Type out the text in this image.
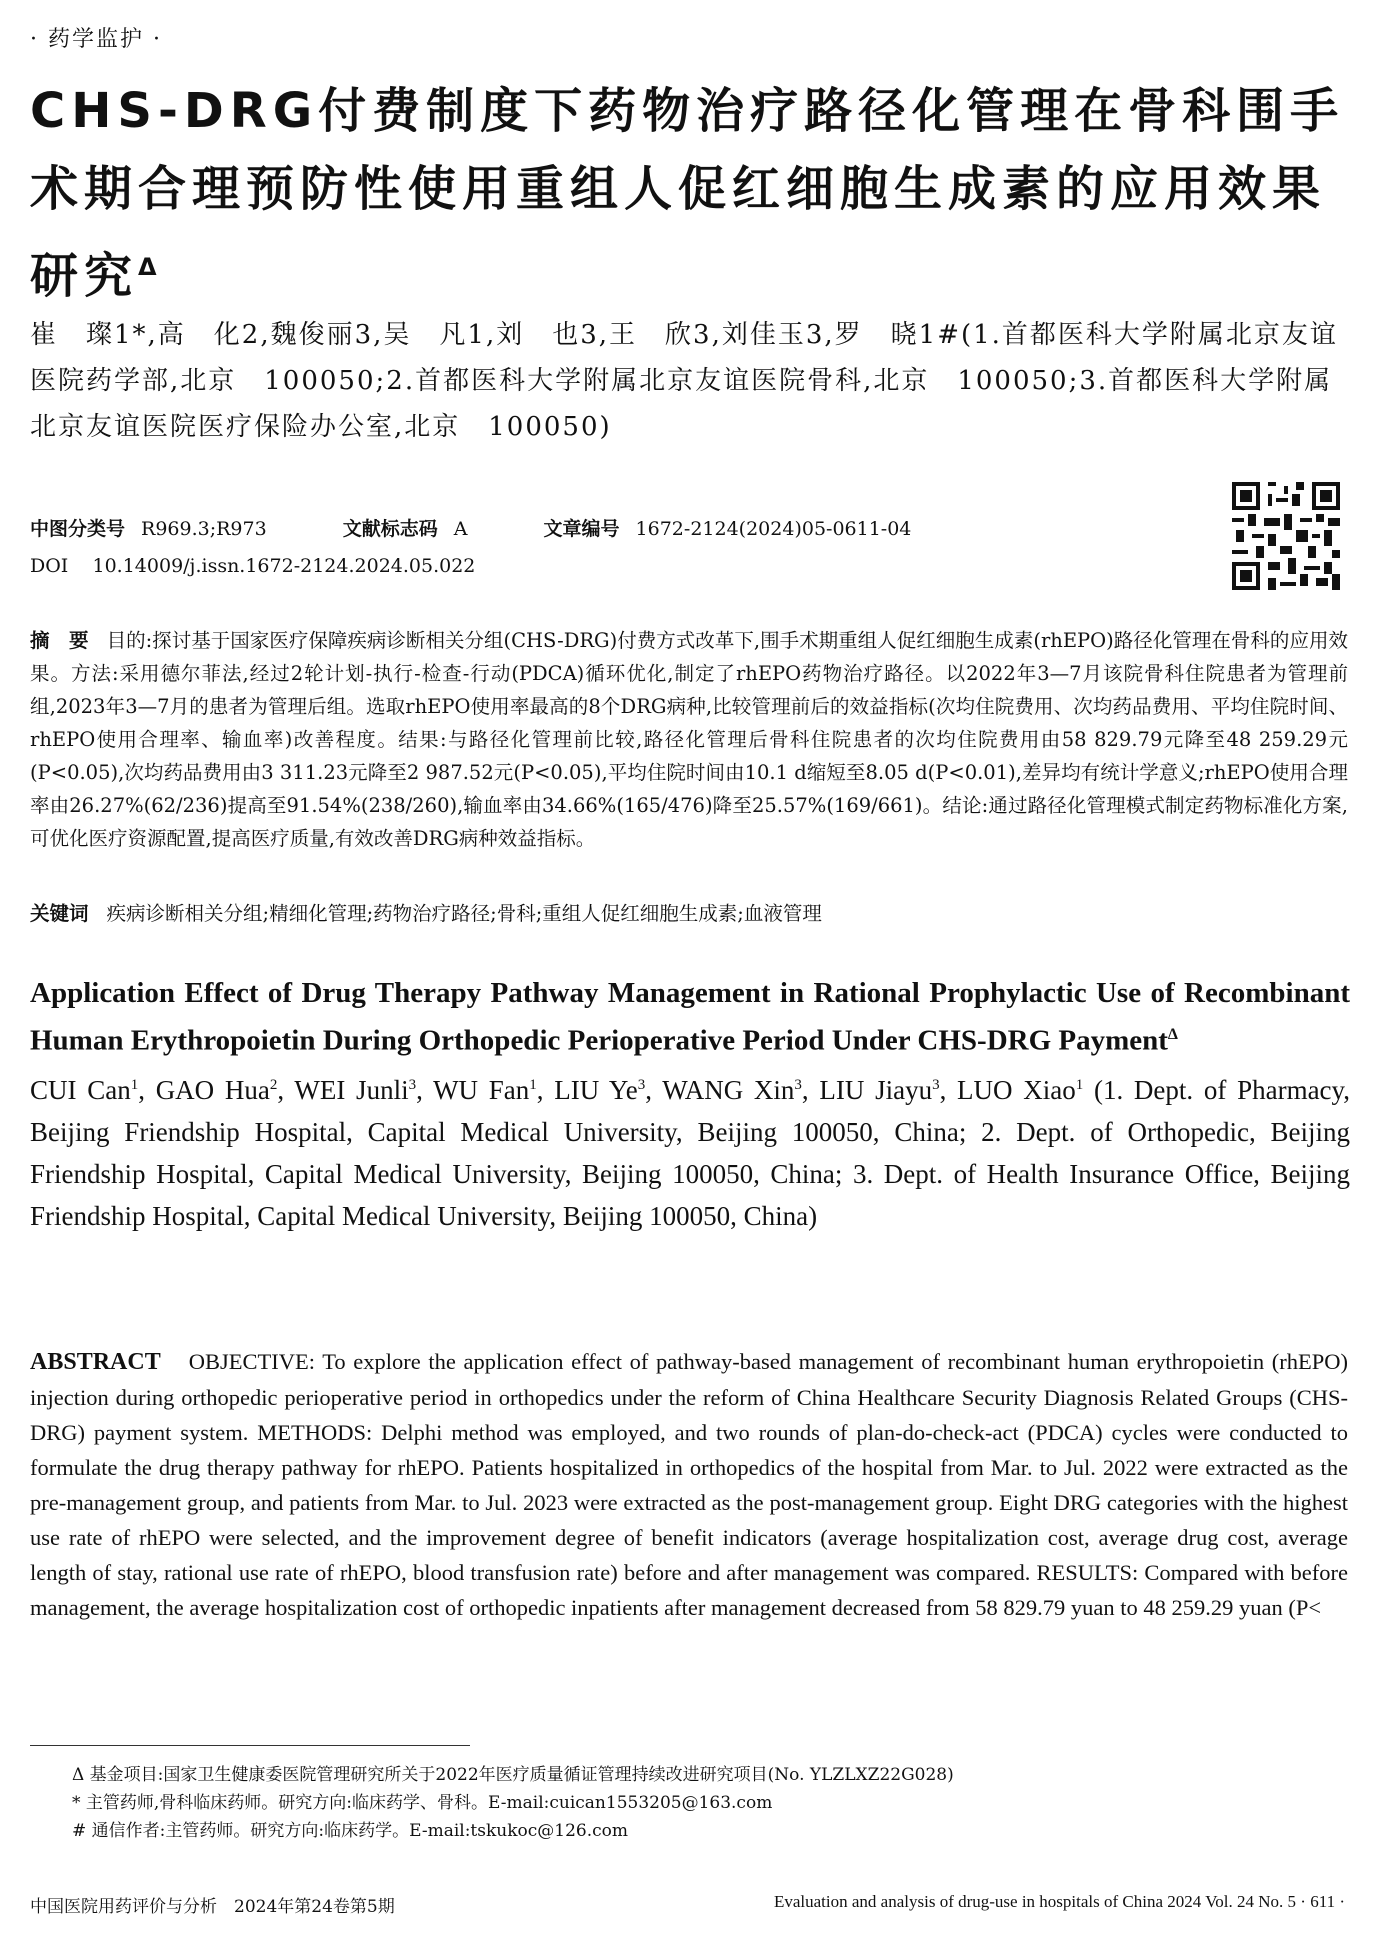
· 药学监护 ·
CHS-DRG付费制度下药物治疗路径化管理在骨科围手术期合理预防性使用重组人促红细胞生成素的应用效果研究$^\Delta$
崔　璨1*,高　化2,魏俊丽3,吴　凡1,刘　也3,王　欣3,刘佳玉3,罗　晓1#(1.首都医科大学附属北京友谊医院药学部,北京　100050;2.首都医科大学附属北京友谊医院骨科,北京　100050;3.首都医科大学附属北京友谊医院医疗保险办公室,北京　100050)
中图分类号 R969.3;R973	文献标志码 A	文章编号 1672-2124(2024)05-0611-04
DOI 10.14009/j.issn.1672-2124.2024.05.022
摘　要 目的:探讨基于国家医疗保障疾病诊断相关分组(CHS-DRG)付费方式改革下,围手术期重组人促红细胞生成素(rhEPO)路径化管理在骨科的应用效果。方法:采用德尔菲法,经过2轮计划-执行-检查-行动(PDCA)循环优化,制定了rhEPO药物治疗路径。以2022年3—7月该院骨科住院患者为管理前组,2023年3—7月的患者为管理后组。选取rhEPO使用率最高的8个DRG病种,比较管理前后的效益指标(次均住院费用、次均药品费用、平均住院时间、rhEPO使用合理率、输血率)改善程度。结果:与路径化管理前比较,路径化管理后骨科住院患者的次均住院费用由58 829.79元降至48 259.29元(P<0.05),次均药品费用由3 311.23元降至2 987.52元(P<0.05),平均住院时间由10.1 d缩短至8.05 d(P<0.01),差异均有统计学意义;rhEPO使用合理率由26.27%(62/236)提高至91.54%(238/260),输血率由34.66%(165/476)降至25.57%(169/661)。结论:通过路径化管理模式制定药物标准化方案,可优化医疗资源配置,提高医疗质量,有效改善DRG病种效益指标。
关键词 疾病诊断相关分组;精细化管理;药物治疗路径;骨科;重组人促红细胞生成素;血液管理
Application Effect of Drug Therapy Pathway Management in Rational Prophylactic Use of Recombinant Human Erythropoietin During Orthopedic Perioperative Period Under CHS-DRG Payment$^\Delta$
CUI Can$^1$, GAO Hua$^2$, WEI Junli$^3$, WU Fan$^1$, LIU Ye$^3$, WANG Xin$^3$, LIU Jiayu$^3$, LUO Xiao$^1$ (1. Dept. of Pharmacy, Beijing Friendship Hospital, Capital Medical University, Beijing 100050, China; 2. Dept. of Orthopedic, Beijing Friendship Hospital, Capital Medical University, Beijing 100050, China; 3. Dept. of Health Insurance Office, Beijing Friendship Hospital, Capital Medical University, Beijing 100050, China)
ABSTRACT OBJECTIVE: To explore the application effect of pathway-based management of recombinant human erythropoietin (rhEPO) injection during orthopedic perioperative period in orthopedics under the reform of China Healthcare Security Diagnosis Related Groups (CHS-DRG) payment system. METHODS: Delphi method was employed, and two rounds of plan-do-check-act (PDCA) cycles were conducted to formulate the drug therapy pathway for rhEPO. Patients hospitalized in orthopedics of the hospital from Mar. to Jul. 2022 were extracted as the pre-management group, and patients from Mar. to Jul. 2023 were extracted as the post-management group. Eight DRG categories with the highest use rate of rhEPO were selected, and the improvement degree of benefit indicators (average hospitalization cost, average drug cost, average length of stay, rational use rate of rhEPO, blood transfusion rate) before and after management was compared. RESULTS: Compared with before management, the average hospitalization cost of orthopedic inpatients after management decreased from 58 829.79 yuan to 48 259.29 yuan (P<
Δ 基金项目:国家卫生健康委医院管理研究所关于2022年医疗质量循证管理持续改进研究项目(No. YLZLXZ22G028)
* 主管药师,骨科临床药师。研究方向:临床药学、骨科。E-mail:cuican1553205@163.com
# 通信作者:主管药师。研究方向:临床药学。E-mail:tskukoc@126.com
中国医院用药评价与分析　2024年第24卷第5期	Evaluation and analysis of drug-use in hospitals of China 2024 Vol. 24 No. 5 · 611 ·
